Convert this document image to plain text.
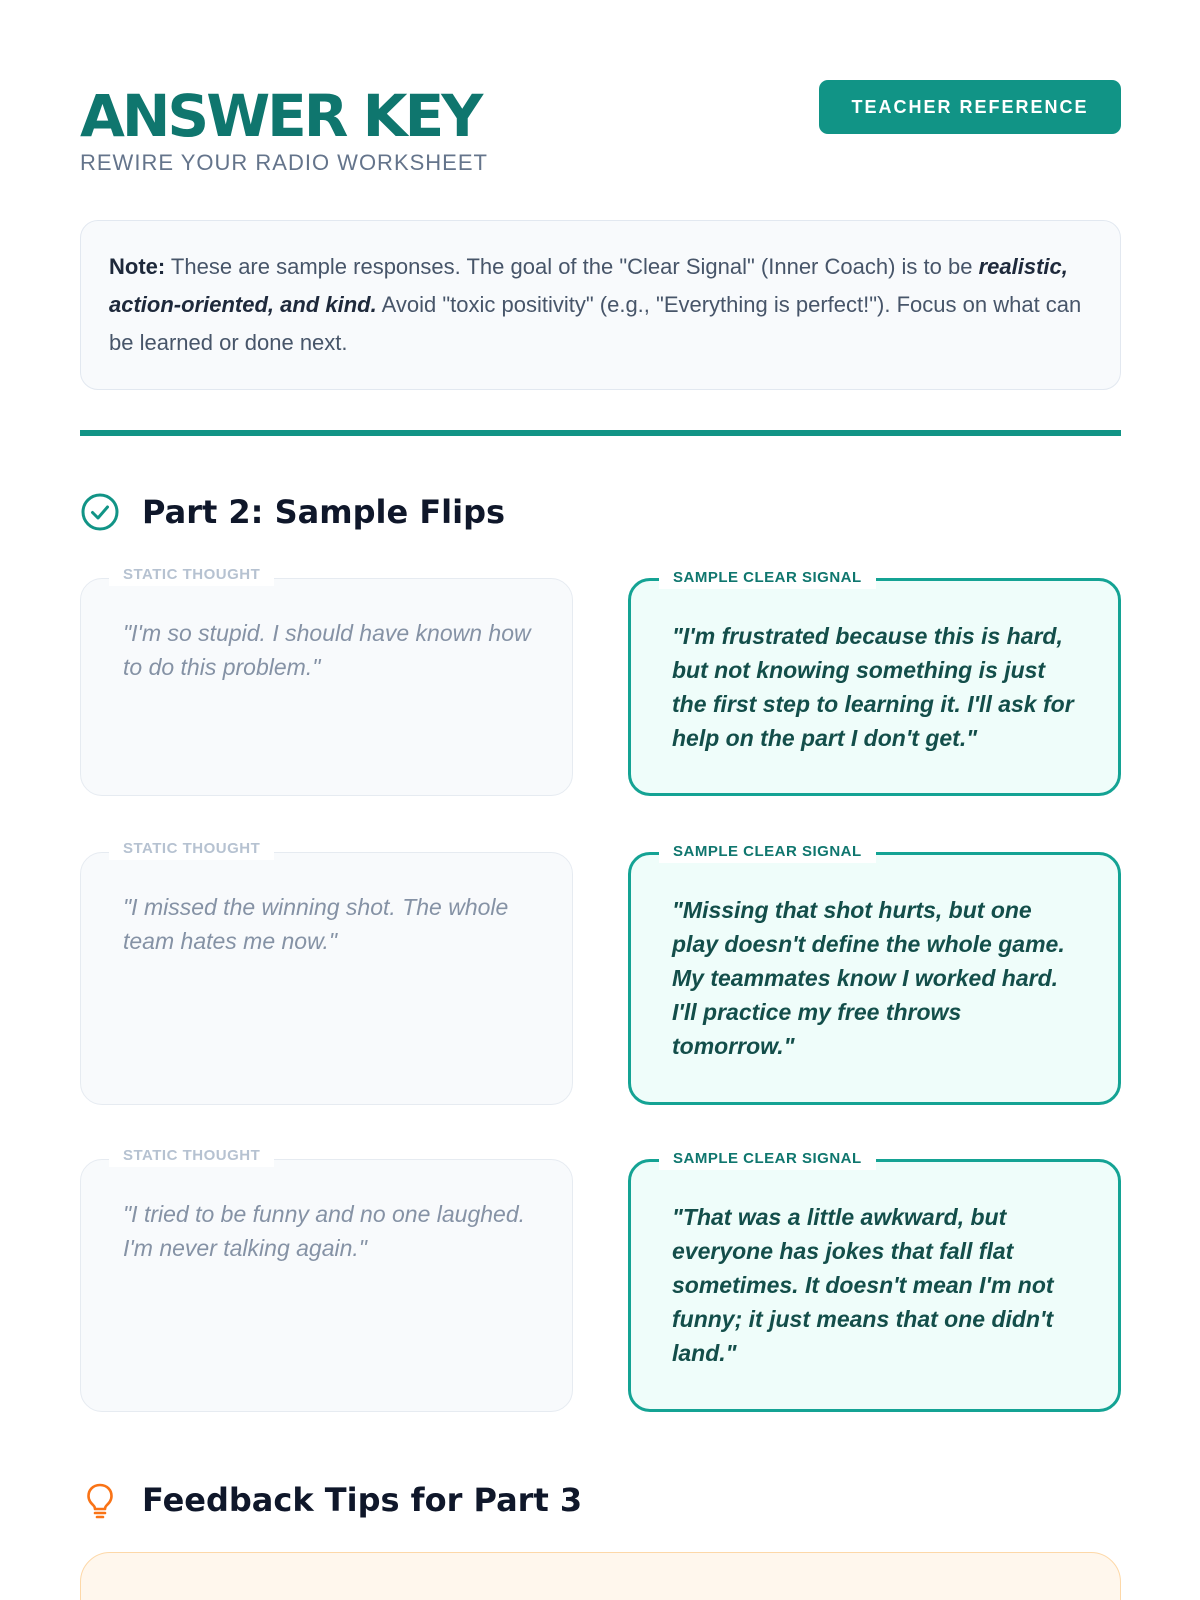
ANSWER KEY
REWIRE YOUR RADIO WORKSHEET
TEACHER REFERENCE
Note: These are sample responses. The goal of the "Clear Signal" (Inner Coach) is to be realistic, action-oriented, and kind. Avoid "toxic positivity" (e.g., "Everything is perfect!"). Focus on what can be learned or done next.
Part 2: Sample Flips
STATIC THOUGHT
"I'm so stupid. I should have known how to do this problem."
SAMPLE CLEAR SIGNAL
"I'm frustrated because this is hard, but not knowing something is just the first step to learning it. I'll ask for help on the part I don't get."
STATIC THOUGHT
"I missed the winning shot. The whole team hates me now."
SAMPLE CLEAR SIGNAL
"Missing that shot hurts, but one play doesn't define the whole game. My teammates know I worked hard. I'll practice my free throws tomorrow."
STATIC THOUGHT
"I tried to be funny and no one laughed. I'm never talking again."
SAMPLE CLEAR SIGNAL
"That was a little awkward, but everyone has jokes that fall flat sometimes. It doesn't mean I'm not funny; it just means that one didn't land."
Feedback Tips for Part 3
